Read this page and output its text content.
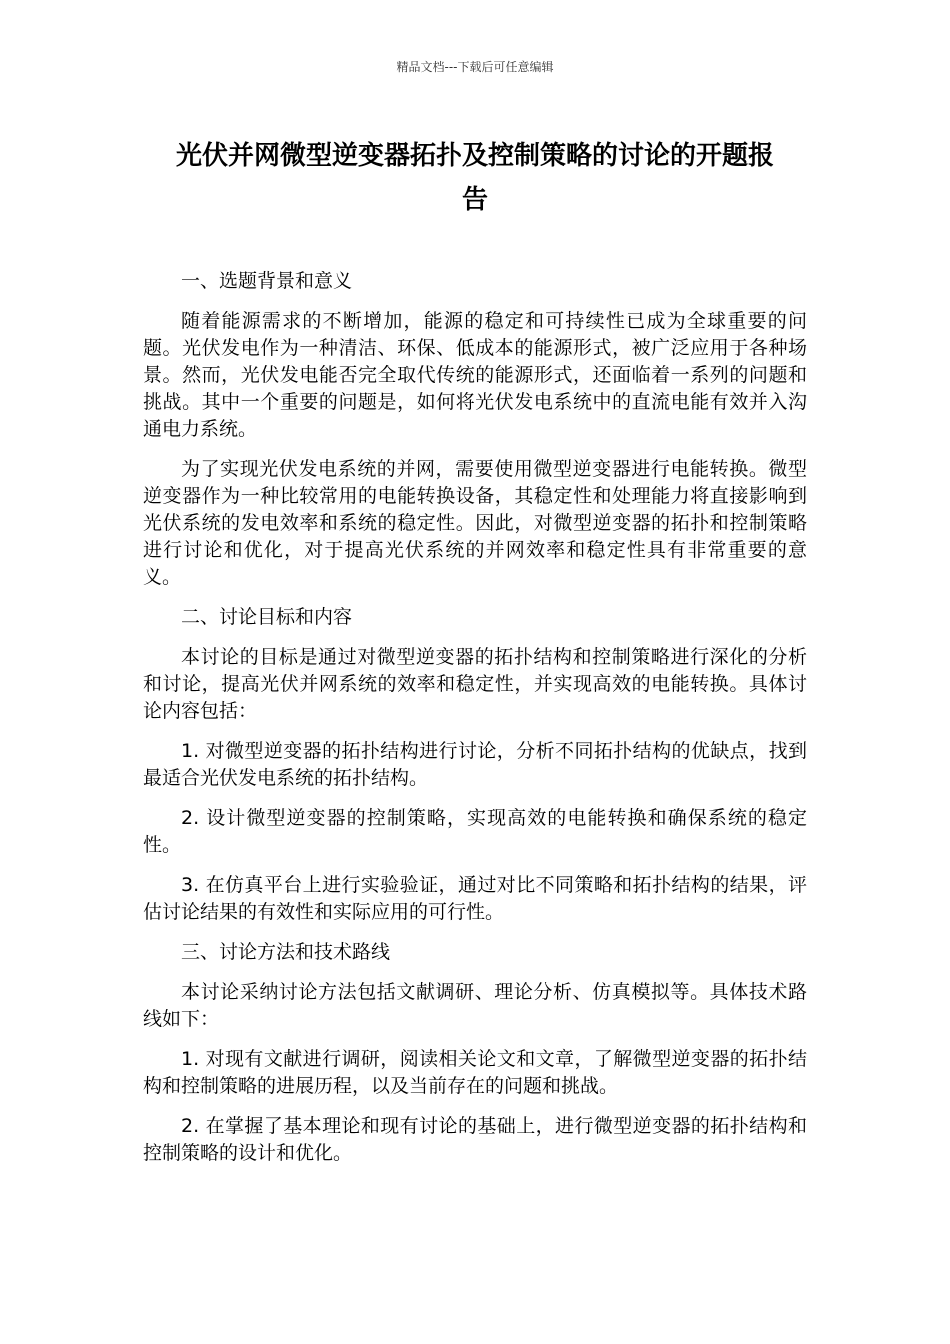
精品文档---下载后可任意编辑
光伏并网微型逆变器拓扑及控制策略的讨论的开题报
告

一、选题背景和意义

随着能源需求的不断增加，能源的稳定和可持续性已成为全球重要的问题。光伏发电作为一种清洁、环保、低成本的能源形式，被广泛应用于各种场景。然而，光伏发电能否完全取代传统的能源形式，还面临着一系列的问题和挑战。其中一个重要的问题是，如何将光伏发电系统中的直流电能有效并入沟通电力系统。

为了实现光伏发电系统的并网，需要使用微型逆变器进行电能转换。微型逆变器作为一种比较常用的电能转换设备，其稳定性和处理能力将直接影响到光伏系统的发电效率和系统的稳定性。因此，对微型逆变器的拓扑和控制策略进行讨论和优化，对于提高光伏系统的并网效率和稳定性具有非常重要的意义。

二、讨论目标和内容

本讨论的目标是通过对微型逆变器的拓扑结构和控制策略进行深化的分析和讨论，提高光伏并网系统的效率和稳定性，并实现高效的电能转换。具体讨论内容包括：

1. 对微型逆变器的拓扑结构进行讨论，分析不同拓扑结构的优缺点，找到最适合光伏发电系统的拓扑结构。

2. 设计微型逆变器的控制策略，实现高效的电能转换和确保系统的稳定性。

3. 在仿真平台上进行实验验证，通过对比不同策略和拓扑结构的结果，评估讨论结果的有效性和实际应用的可行性。

三、讨论方法和技术路线

本讨论采纳讨论方法包括文献调研、理论分析、仿真模拟等。具体技术路线如下：

1. 对现有文献进行调研，阅读相关论文和文章，了解微型逆变器的拓扑结构和控制策略的进展历程，以及当前存在的问题和挑战。

2. 在掌握了基本理论和现有讨论的基础上，进行微型逆变器的拓扑结构和控制策略的设计和优化。
